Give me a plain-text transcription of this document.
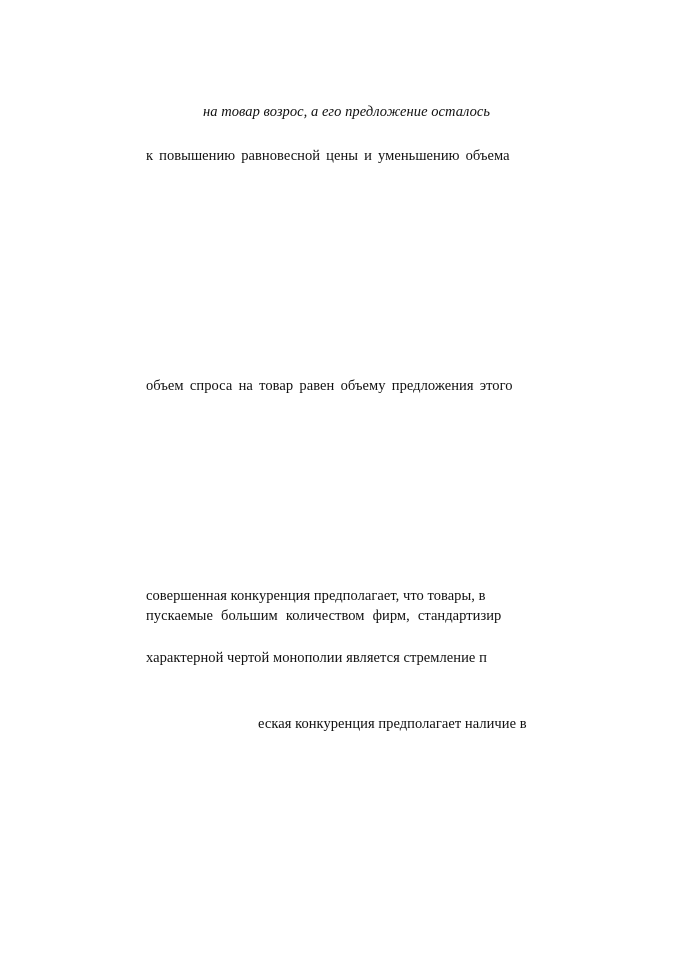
на товар возрос, а его предложение осталось
к повышению равновесной цены и уменьшению объема
объем спроса на товар равен объему предложения этого
совершенная конкуренция предполагает, что товары, в
пускаемые большим количеством фирм, стандартизир
характерной чертой монополии является стремление п
еская конкуренция предполагает наличие в
